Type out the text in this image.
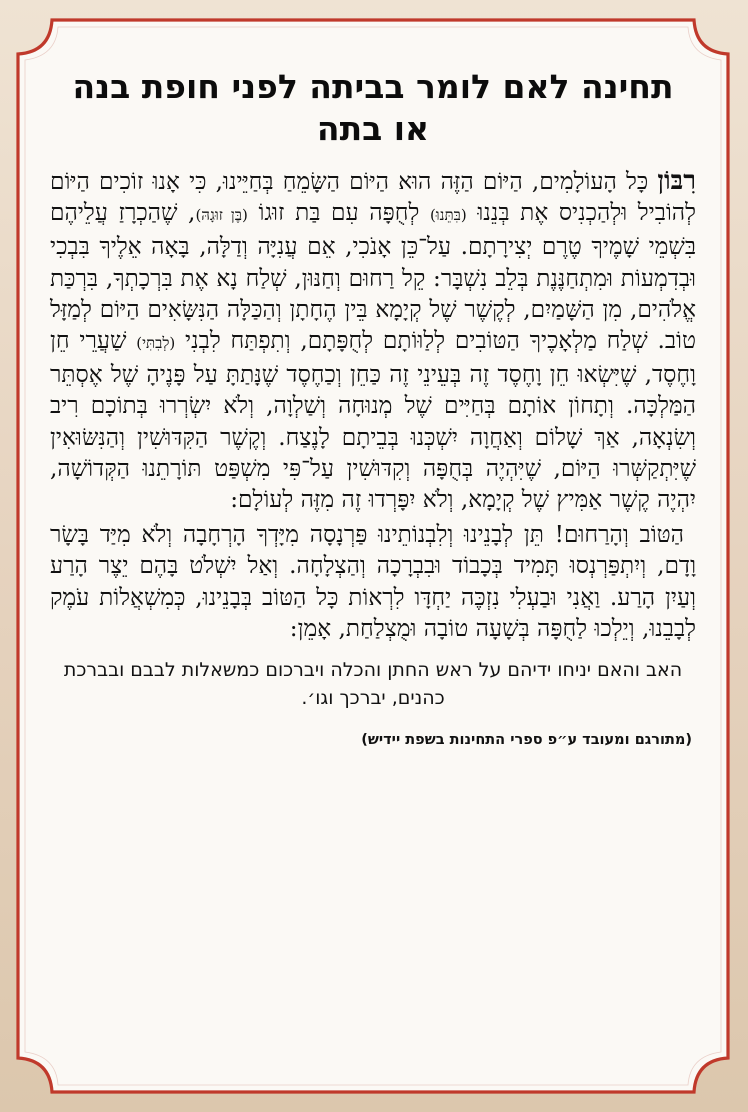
תחינה לאם לומר בביתה לפני חופת בנה או בתה

רִבּוֹן כָּל הָעוֹלָמִים, הַיּוֹם הַזֶּה הוּא הַיּוֹם הַשָּׂמֵחַ בְּחַיֵּינוּ, כִּי אָנוּ זוֹכִים הַיּוֹם לְהוֹבִיל וּלְהַכְנִיס אֶת בְּנֵנוּ (בִּתֵּנוּ) לְחֻפָּה עִם בַּת זוּגוֹ (בֶּן זוּגָהּ), שֶׁהַכְרָזַ עֲלֵיהֶם בִּשְׁמֵי שָׁמֶיךָ טֶרֶם יְצִירָתָם. עַל־כֵּן אָנֹכִי, אֵם עֲנִיָּה וְדַלָּה, בָּאָה אֵלֶיךָ בִּבְכִי וּבְדִמְעוֹת וּמִתְחַנֶּנֶת בְּלֵב נִשְׁבָּר: קֵל רַחוּם וְחַנּוּן, שְׁלַח נָא אֶת בִּרְכָתְךָ, בִּרְכַּת אֱלֹהִים, מִן הַשָּׁמַיִם, לְקֶשֶׁר שֶׁל קְיָמָא בֵּין הֶחָתָן וְהַכַּלָּה הַנִּשָּׂאִים הַיּוֹם לְמַזָּל טוֹב. שְׁלַח מַלְאָכֶיךָ הַטּוֹבִים לְלַוּוֹתָם לְחֻפָּתָם, וְתִפְתַּח לִבְנִי (לְבִתִּי) שַׁעֲרֵי חֵן וָחֶסֶד, שֶׁיִּשְׂאוּ חֵן וָחֶסֶד זֶה בְּעֵינֵי זֶה כַּחֵן וְכַחֶסֶד שֶׁנָּתַתָּ עַל פָּנֶיהָ שֶׁל אֶסְתֵּר הַמַּלְכָּה. וְתָחוֹן אוֹתָם בְּחַיִּים שֶׁל מְנוּחָה וְשַׁלְוָה, וְלֹא יִשְׂרְרוּ בְּתוֹכָם רִיב וְשִׂנְאָה, אַךְ שָׁלוֹם וְאַחֲוָה יִשְׁכְּנוּ בְּבֵיתָם לָנֶצַח. וְקֶשֶׁר הַקִּדּוּשִׁין וְהַנִּשּׂוּאִין שֶׁיִּתְקַשְּׁרוּ הַיּוֹם, שֶׁיִּהְיֶה בְּחֻפָּה וְקִדּוּשִׁין עַל־פִּי מִשְׁפַּט תּוֹרָתֵנוּ הַקְּדוֹשָׁה, יִהְיֶה קֶשֶׁר אַמִּיץ שֶׁל קְיָמָא, וְלֹא יִפָּרְדוּ זֶה מִזֶּה לְעוֹלָם:

הַטּוֹב וְהָרַחוּם! תֵּן לְבָנֵינוּ וְלִבְנוֹתֵינוּ פַּרְנָסָה מִיָּדְךָ הָרְחָבָה וְלֹא מִיַּד בָּשָׂר וָדָם, וְיִתְפַּרְנְסוּ תָּמִיד בְּכָבוֹד וּבִבְרָכָה וְהַצְלָחָה. וְאַל יִשְׁלֹט בָּהֶם יֵצֶר הָרַע וְעַיִן הָרַע. וַאֲנִי וּבַעְלִי נִזְכֶּה יַחְדָּו לִרְאוֹת כָּל הַטּוֹב בְּבָנֵינוּ, כְּמִשְׁאֲלוֹת עֹמֶק לְבָבֵנוּ, וְיֵלְכוּ לַחֻפָּה בְּשָׁעָה טוֹבָה וּמֻצְלַחַת, אָמֵן:

האב והאם יניחו ידיהם על ראש החתן והכלה ויברכום כמשאלות לבבם ובברכת כהנים, יברכך וגו׳.
(מתורגם ומעובד ע״פ ספרי התחינות בשפת יידיש)
